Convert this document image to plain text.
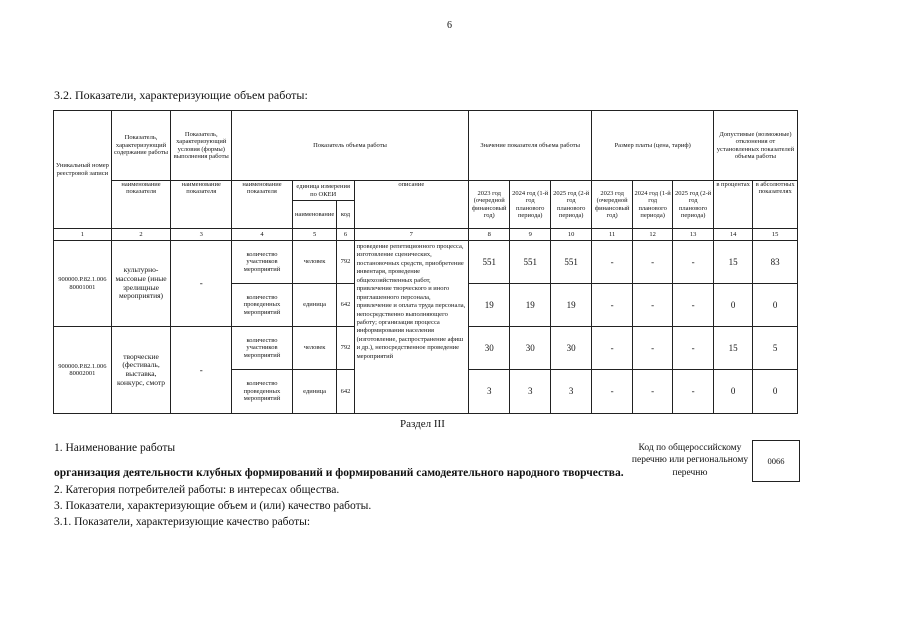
6
3.2. Показатели, характеризующие объем работы:
Уникальный номер реестровой записи	Показатель, характеризующий содержание работы	Показатель, характеризующий условия (формы) выполнения работы	Показатель объема работы				Значение показателя объема работы			Размер платы (цена, тариф)			Допустимые (возможные) отклонения от установленных показателей объема работы	
	наименование показателя	наименование показателя	наименование показателя	единица измерения по ОКЕИ		описание	2023 год (очередной финансовый год)	2024 год (1-й год планового периода)	2025 год (2-й год планового периода)	2023 год (очередной финансовый год)	2024 год (1-й год планового периода)	2025 год (2-й год планового периода)	в процентах	в абсолютных показателях
				наименование	код									
1	2	3	4	5	6	7	8	9	10	11	12	13	14	15
900000.Р.82.1.006 80001001	культурно-массовые (иные зрелищные мероприятия)	-	количество участников мероприятий	человек	792	проведение репетиционного процесса, изготовление сценических, постановочных средств, приобретение инвентаря, проведение общехозяйственных работ, привлечение творческого и иного приглашенного персонала, привлечение и оплата труда персонала, непосредственно выполняющего работу; организация процесса информирования населения (изготовление, распространение афиш и др.), непосредственное проведение мероприятий	551	551	551	-	-	-	15	83
			количество проведенных мероприятий	единица	642		19	19	19	-	-	-	0	0
900000.Р.82.1.006 80002001	творческие (фестиваль, выставка, конкурс, смотр	-	количество участников мероприятий	человек	792		30	30	30	-	-	-	15	5
			количество проведенных мероприятий	единица	642		3	3	3	-	-	-	0	0
Раздел III
1. Наименование работы	Код по общероссийскому перечню или региональному перечню
0066
организация деятельности клубных формирований и формирований самодеятельного народного творчества.
2. Категория потребителей работы: в интересах общества.
3. Показатели, характеризующие объем и (или) качество работы.
3.1. Показатели, характеризующие качество работы:
